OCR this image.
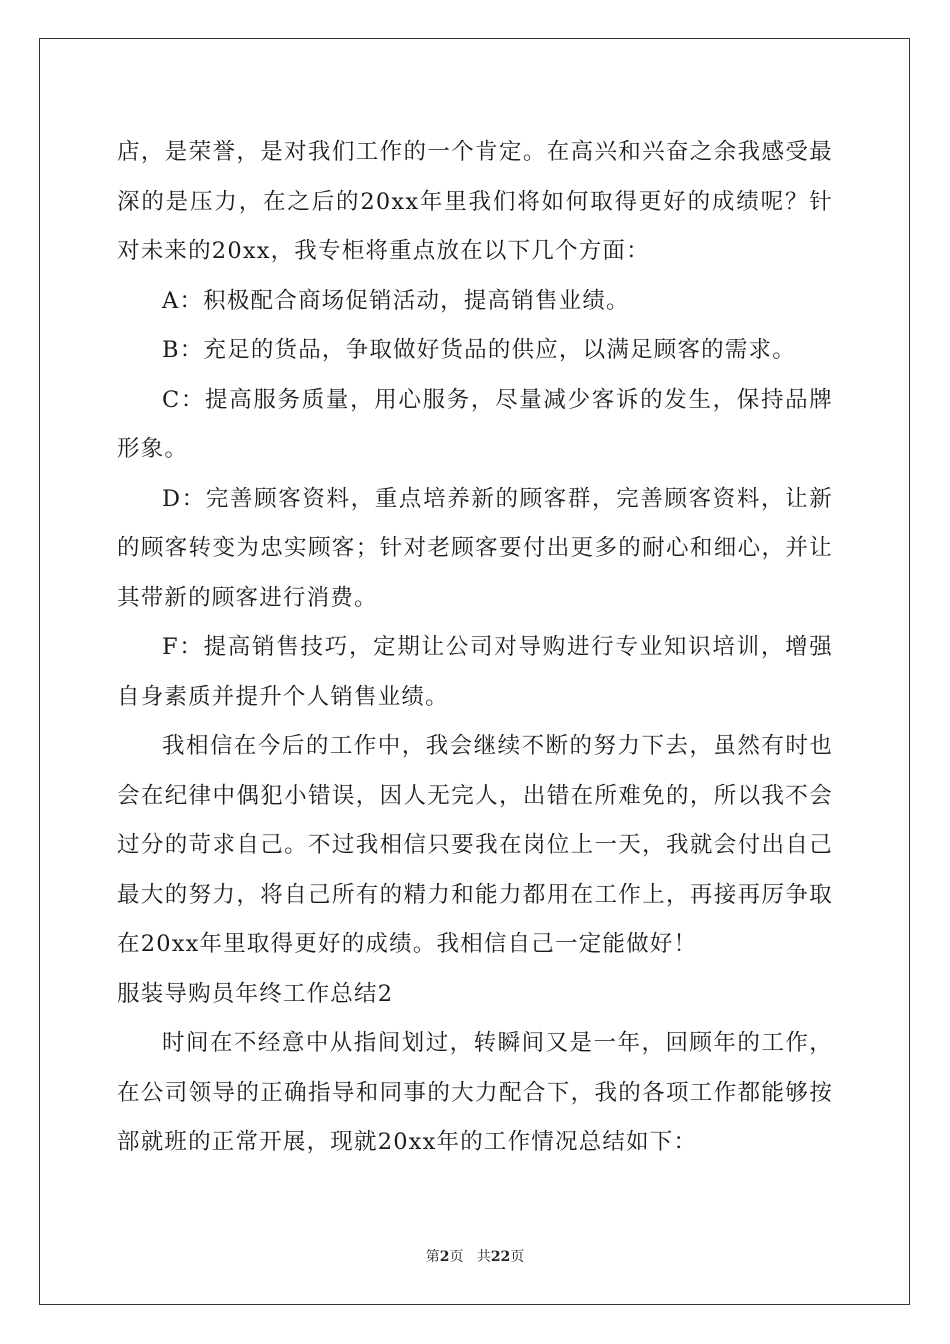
店，是荣誉，是对我们工作的一个肯定。在高兴和兴奋之余我感受最深的是压力，在之后的20xx年里我们将如何取得更好的成绩呢？针对未来的20xx，我专柜将重点放在以下几个方面：

A：积极配合商场促销活动，提高销售业绩。

B：充足的货品，争取做好货品的供应，以满足顾客的需求。

C：提高服务质量，用心服务，尽量减少客诉的发生，保持品牌形象。

D：完善顾客资料，重点培养新的顾客群，完善顾客资料，让新的顾客转变为忠实顾客；针对老顾客要付出更多的耐心和细心，并让其带新的顾客进行消费。

F：提高销售技巧，定期让公司对导购进行专业知识培训，增强自身素质并提升个人销售业绩。

我相信在今后的工作中，我会继续不断的努力下去，虽然有时也会在纪律中偶犯小错误，因人无完人，出错在所难免的，所以我不会过分的苛求自己。不过我相信只要我在岗位上一天，我就会付出自己最大的努力，将自己所有的精力和能力都用在工作上，再接再厉争取在20xx年里取得更好的成绩。我相信自己一定能做好！

服装导购员年终工作总结2

时间在不经意中从指间划过，转瞬间又是一年，回顾年的工作，在公司领导的正确指导和同事的大力配合下，我的各项工作都能够按部就班的正常开展，现就20xx年的工作情况总结如下：

第2页 共22页
